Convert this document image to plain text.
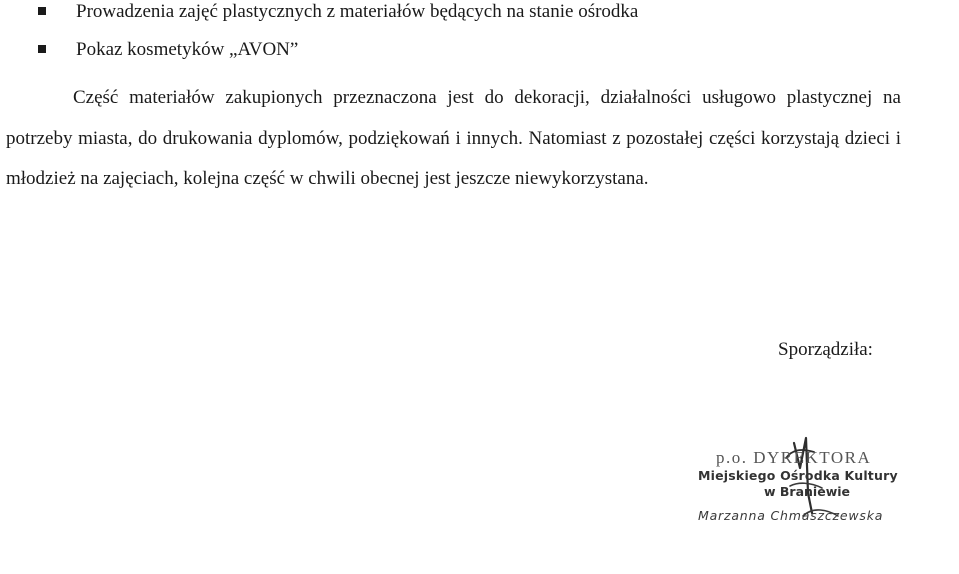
Prowadzenia zajęć plastycznych z materiałów będących na stanie ośrodka
Pokaz kosmetyków „AVON”

Część materiałów zakupionych przeznaczona jest do dekoracji, działalności usługowo plastycznej na potrzeby miasta, do drukowania dyplomów, podziękowań i innych. Natomiast z pozostałej części korzystają dzieci i młodzież na zajęciach, kolejna część w chwili obecnej jest jeszcze niewykorzystana.

Sporządziła:
p.o. DYREKTORA
Miejskiego Ośrodka Kultury
w Braniewie
Marzanna Chmaszczewska
